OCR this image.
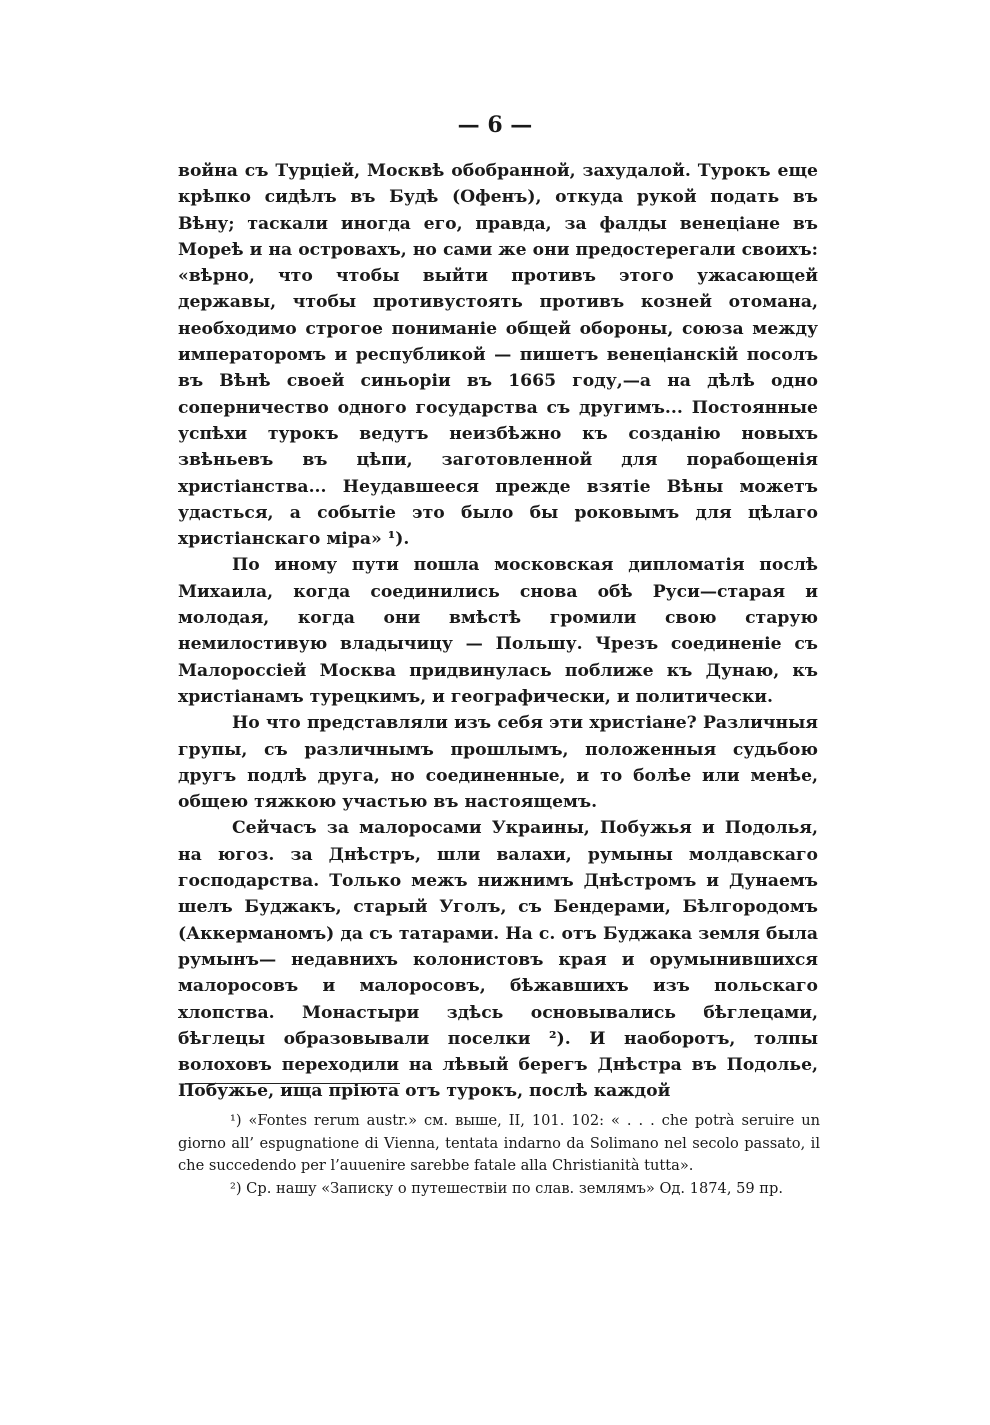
— 6 —

война съ Турціей, Москвѣ обобранной, захудалой. Турокъ еще крѣпко сидѣлъ въ Будѣ (Офенъ), откуда рукой подать въ Вѣну; таскали иногда его, правда, за фалды венеціане въ Мореѣ и на островахъ, но сами же они предостерегали своихъ: «вѣрно, что чтобы выйти противъ этого ужасающей державы, чтобы противустоять противъ козней отомана, необходимо строгое пониманіе общей обороны, союза между императоромъ и республикой — пишетъ венеціанскій посолъ въ Вѣнѣ своей синьоріи въ 1665 году,—а на дѣлѣ одно соперничество одного государства съ другимъ... Постоянные успѣхи турокъ ведутъ неизбѣжно къ созданію новыхъ звѣньевъ въ цѣпи, заготовленной для порабощенія христіанства... Неудавшееся прежде взятіе Вѣны можетъ удасться, а событіе это было бы роковымъ для цѣлаго христіанскаго міра» ¹).

По иному пути пошла московская дипломатія послѣ Михаила, когда соединились снова обѣ Руси—старая и молодая, когда они вмѣстѣ громили свою старую немилостивую владычицу — Польшу. Чрезъ соединеніе съ Малороссіей Москва придвинулась поближе къ Дунаю, къ христіанамъ турецкимъ, и географически, и политически.

Но что представляли изъ себя эти христіане? Различныя групы, съ различнымъ прошлымъ, положенныя судьбою другъ подлѣ друга, но соединенные, и то болѣе или менѣе, общею тяжкою участью въ настоящемъ.

Сейчасъ за малоросами Украины, Побужья и Подолья, на югоз. за Днѣстръ, шли валахи, румыны молдавскаго господарства. Только межъ нижнимъ Днѣстромъ и Дунаемъ шелъ Буджакъ, старый Уголъ, съ Бендерами, Бѣлгородомъ (Аккерманомъ) да съ татарами. На с. отъ Буджака земля была румынъ— недавнихъ колонистовъ края и орумынившихся малоросовъ и малоросовъ, бѣжавшихъ изъ польскаго хлопства. Монастыри здѣсь основывались бѣглецами, бѣглецы образовывали поселки ²). И наоборотъ, толпы волоховъ переходили на лѣвый берегъ Днѣстра въ Подолье, Побужье, ища пріюта отъ турокъ, послѣ каждой

¹) «Fontes rerum austr.» см. выше, II, 101. 102: « . . . che potrà seruire un giorno all’ espugnatione di Vienna, tentata indarno da Solimano nel secolo passato, il che succedendo per l’auuenire sarebbe fatale alla Christianità tutta».

²) Ср. нашу «Записку о путешествіи по слав. землямъ» Од. 1874, 59 пр.
